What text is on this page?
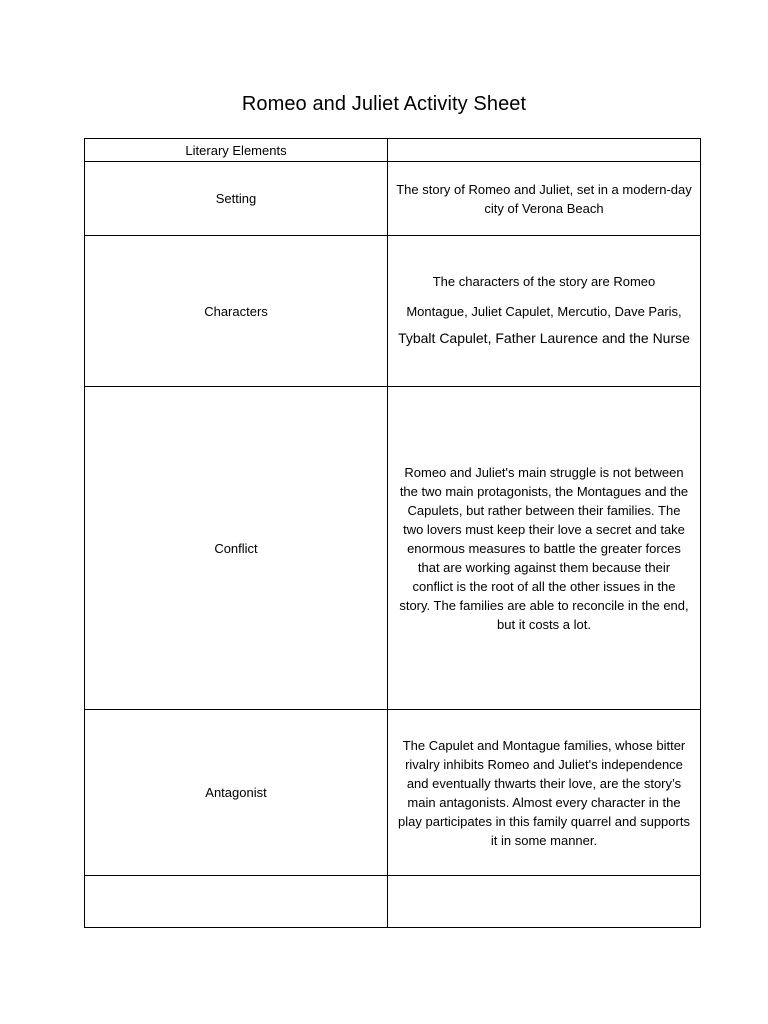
Romeo and Juliet Activity Sheet
Literary Elements	
Setting	The story of Romeo and Juliet, set in a modern-day city of Verona Beach

Characters	The characters of the story are Romeo
Montague, Juliet Capulet, Mercutio, Dave Paris,
Tybalt Capulet, Father Laurence and the Nurse

Conflict	Romeo and Juliet's main struggle is not between the two main protagonists, the Montagues and the Capulets, but rather between their families. The two lovers must keep their love a secret and take enormous measures to battle the greater forces that are working against them because their conflict is the root of all the other issues in the story. The families are able to reconcile in the end, but it costs a lot.

Antagonist	The Capulet and Montague families, whose bitter rivalry inhibits Romeo and Juliet's independence and eventually thwarts their love, are the story’s main antagonists. Almost every character in the play participates in this family quarrel and supports it in some manner.
